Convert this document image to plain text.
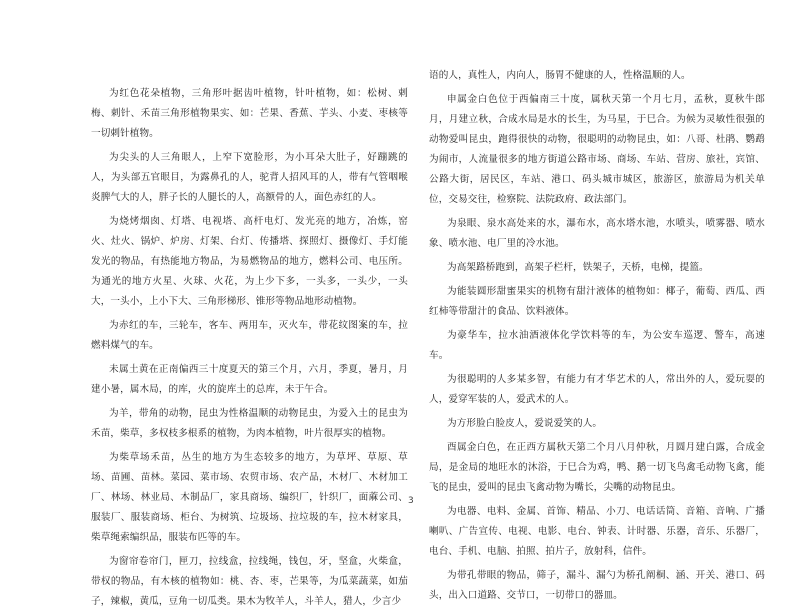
为红色花朵植物，三角形叶据齿叶植物，针叶植物，如：松树、剌梅、刺针、禾苗三角形植物果实、如：芒果、香蕉、芋头、小麦、枣核等一切刺针植物。

为尖头的人三角眼人，上窄下宽脸形，为小耳朵大肚子，好蹦跳的人，为头部五官眼目，为露鼻孔的人，驼背人招风耳的人，带有气管咽喉炎脾气大的人，胖子长的人腿长的人，高额骨的人，面色赤红的人。

为烧烤烟囱、灯塔、电视塔、高杆电灯、发光亮的地方，冶炼，窑火、灶火、锅炉、炉房、灯架、台灯、传播塔、探照灯、摄像灯、手灯能发光的物品，有热能地方物品，为易燃物品的地方，燃料公司、电压所。为通光的地方火星、火球、火花，为上少下多，一头多，一头少，一头大，一头小，上小下大、三角形梯形、锥形等物品地形动植物。

为赤红的车，三轮车，客车、两用车，灭火车，带花纹图案的车，拉燃料煤气的车。

未属土黄在正南偏西三十度夏天的第三个月，六月，季夏，暑月，月建小暑，属木局，的库，火的旋库土的总库，未于午合。

为羊，带角的动物，昆虫为性格温顺的动物昆虫，为爱入土的昆虫为禾苗，柴草，多权枝多根系的植物，为肉本植物，叶片很厚实的植物。

为柴草场禾苗，丛生的地方为生态较多的地方，为草坪、草原、草场、苗圃、苗林。菜园、菜市场、农贸市场、农产品，木材厂、木材加工厂、林场、林业局、木制品厂，家具商场、编织厂，针织厂，面蔴公司、服装厂、服装商场、柜台、为树筑、垃圾场、拉垃圾的车，拉木材家具，柴草绳索编织品，服装布匹等的车。

为窗帘卷帘门，匣刀，拉线盒，拉线绳，钱包，牙，坚盒，火柴盒，带权的物品，有木核的植物如：桃、杏、枣，芒果等，为瓜菜蔬菜，如茄子，辣椒，黄瓜，豆角一切瓜类。果木为牧羊人，斗羊人，猎人，少言少

语的人，真性人，内向人，肠胃不健康的人，性格温顺的人。

申属金白色位于西偏南三十度，属秋天第一个月七月，孟秋，夏秋牛郎月，月建立秋，合成水局是水的长生，为马星，于巳合。为候为灵敏性很强的动物爱叫昆虫，跑得很快的动物，很聪明的动物昆虫，如：八哥、杜鹃、鹦鹉为闹市，人流量很多的地方街道公路市场、商场、车站、营房、旅社，宾馆、公路大街，居民区，车站、港口、码头城市城区，旅游区，旅游局为机关单位，交易交往，检察院、法院政府、政法部门。

为泉眼、泉水高处来的水，瀑布水，高水塔水池，水喷头，喷雾器、喷水象、喷水池、电厂里的冷水池。

为高架路桥跑到，高架子栏杆，铁架子，天桥，电梯，提篮。

为能装圆形甜蜜果实的机物有甜汁液体的植物如：椰子，葡萄、西瓜、西红柿等带甜汁的食品、饮料液体。

为豪华车，拉水油酒液体化学饮料等的车，为公安车巡逻、警车，高速车。

为很聪明的人多某多智，有能力有才华艺术的人，常出外的人，爱玩耍的人，爱穿军装的人，爱武术的人。

为方形脸白脸皮人，爱说爱笑的人。

酉属金白色，在正西方属秋天第二个月八月仲秋，月圆月建白露，合成金局，是金局的地旺水的沐浴，于巳合为鸡，鸭、鹅一切飞鸟禽毛动物飞禽，能飞的昆虫，爱叫的昆虫飞禽动物为嘴长，尖嘴的动物昆虫。

为电器、电料、金属、首饰、精品、小刀、电话话筒、音箱、音响、广播喇叭、广告宣传、电视、电影、电台、钟表、计时器、乐器，音乐、乐器厂，电台、手机、电脑、拍照、拍片子，放射科，信件。

为带孔带眼的物品，筛子，漏斗、漏勺为桥孔阐桐、涵、开关、港口、码头，出入口道路、交节口，一切带口的器皿。

3
